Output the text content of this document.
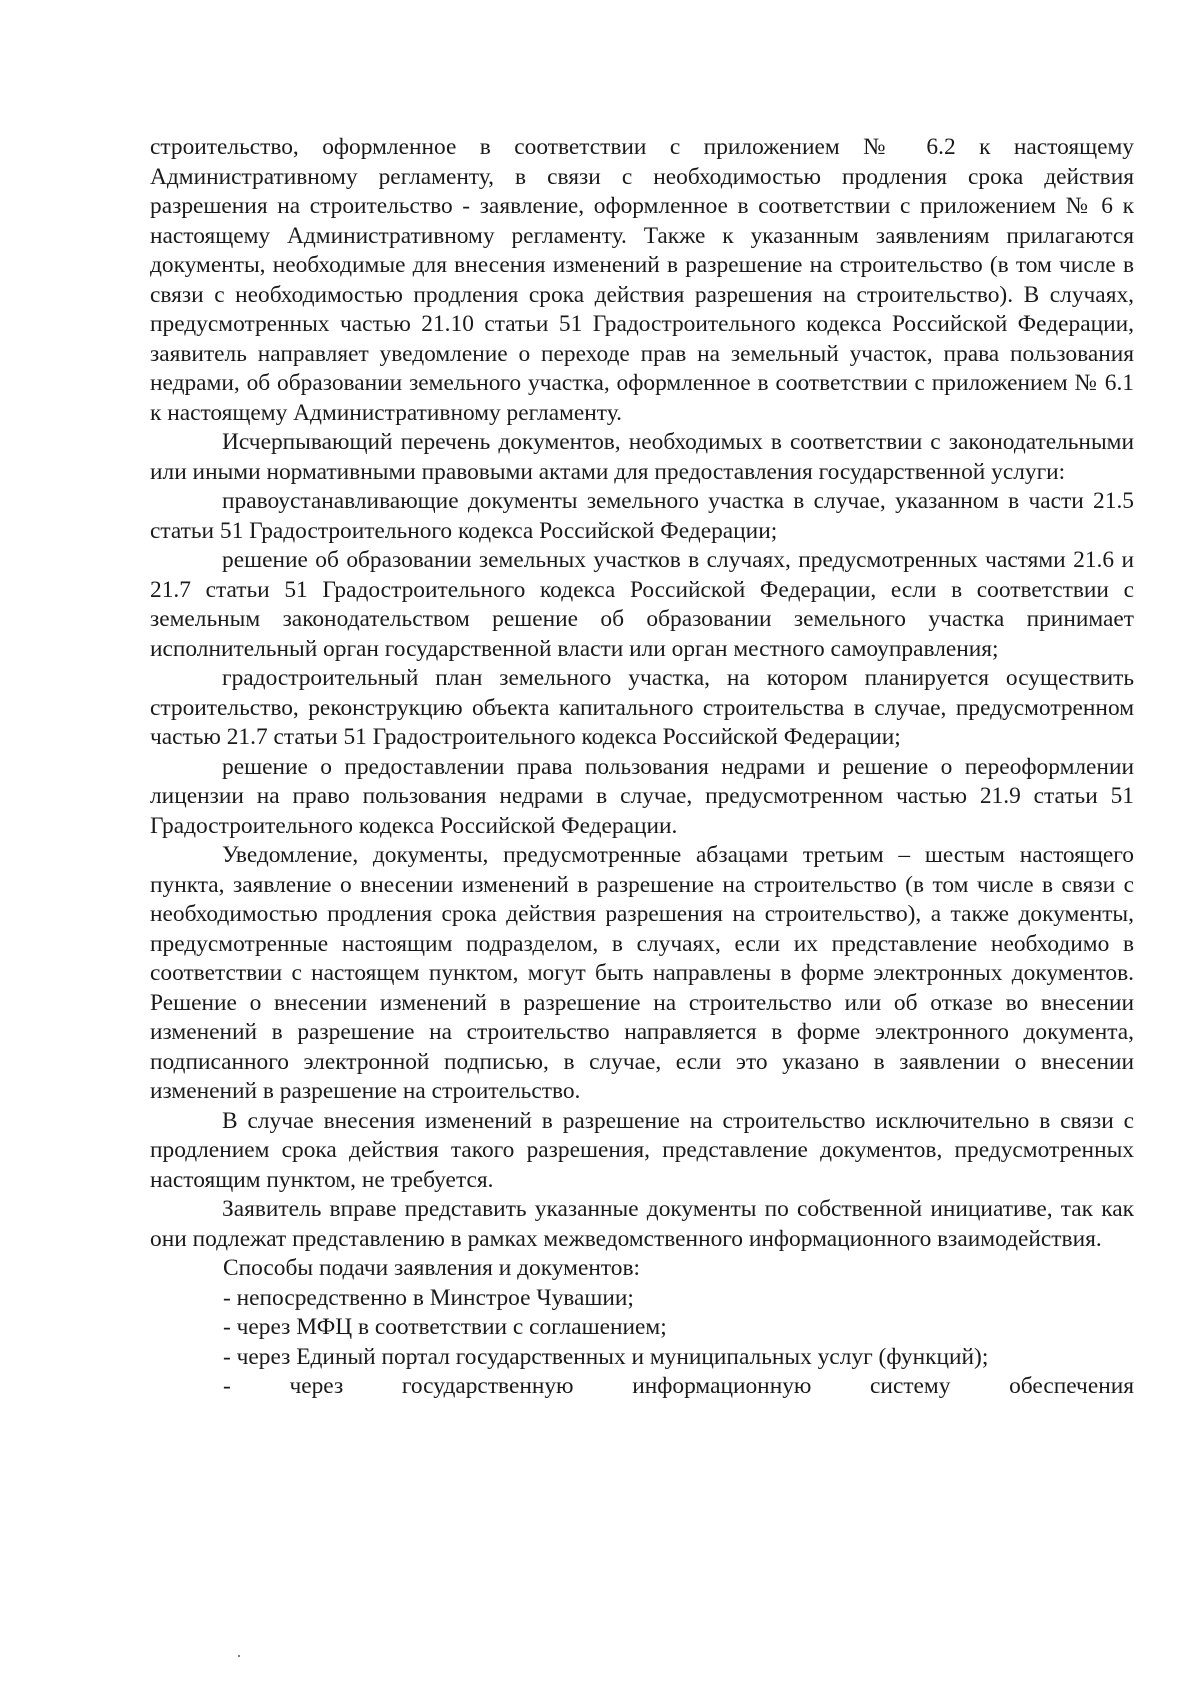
строительство, оформленное в соответствии с приложением № 6.2 к настоящему Административному регламенту, в связи с необходимостью продления срока действия разрешения на строительство - заявление, оформленное в соответствии с приложением № 6 к настоящему Административному регламенту. Также к указанным заявлениям прилагаются документы, необходимые для внесения изменений в разрешение на строительство (в том числе в связи с необходимостью продления срока действия разрешения на строительство). В случаях, предусмотренных частью 21.10 статьи 51 Градостроительного кодекса Российской Федерации, заявитель направляет уведомление о переходе прав на земельный участок, права пользования недрами, об образовании земельного участка, оформленное в соответствии с приложением № 6.1 к настоящему Административному регламенту.

Исчерпывающий перечень документов, необходимых в соответствии с законодательными или иными нормативными правовыми актами для предоставления государственной услуги:

правоустанавливающие документы земельного участка в случае, указанном в части 21.5 статьи 51 Градостроительного кодекса Российской Федерации;

решение об образовании земельных участков в случаях, предусмотренных частями 21.6 и 21.7 статьи 51 Градостроительного кодекса Российской Федерации, если в соответствии с земельным законодательством решение об образовании земельного участка принимает исполнительный орган государственной власти или орган местного самоуправления;

градостроительный план земельного участка, на котором планируется осуществить строительство, реконструкцию объекта капитального строительства в случае, предусмотренном частью 21.7 статьи 51 Градостроительного кодекса Российской Федерации;

решение о предоставлении права пользования недрами и решение о переоформлении лицензии на право пользования недрами в случае, предусмотренном частью 21.9 статьи 51 Градостроительного кодекса Российской Федерации.

Уведомление, документы, предусмотренные абзацами третьим – шестым настоящего пункта, заявление о внесении изменений в разрешение на строительство (в том числе в связи с необходимостью продления срока действия разрешения на строительство), а также документы, предусмотренные настоящим подразделом, в случаях, если их представление необходимо в соответствии с настоящем пунктом, могут быть направлены в форме электронных документов. Решение о внесении изменений в разрешение на строительство или об отказе во внесении изменений в разрешение на строительство направляется в форме электронного документа, подписанного электронной подписью, в случае, если это указано в заявлении о внесении изменений в разрешение на строительство.

В случае внесения изменений в разрешение на строительство исключительно в связи с продлением срока действия такого разрешения, представление документов, предусмотренных настоящим пунктом, не требуется.

Заявитель вправе представить указанные документы по собственной инициативе, так как они подлежат представлению в рамках межведомственного информационного взаимодействия.

Способы подачи заявления и документов:

- непосредственно в Минстрое Чувашии;

- через МФЦ в соответствии с соглашением;

- через Единый портал государственных и муниципальных услуг (функций);

- через государственную информационную систему обеспечения
